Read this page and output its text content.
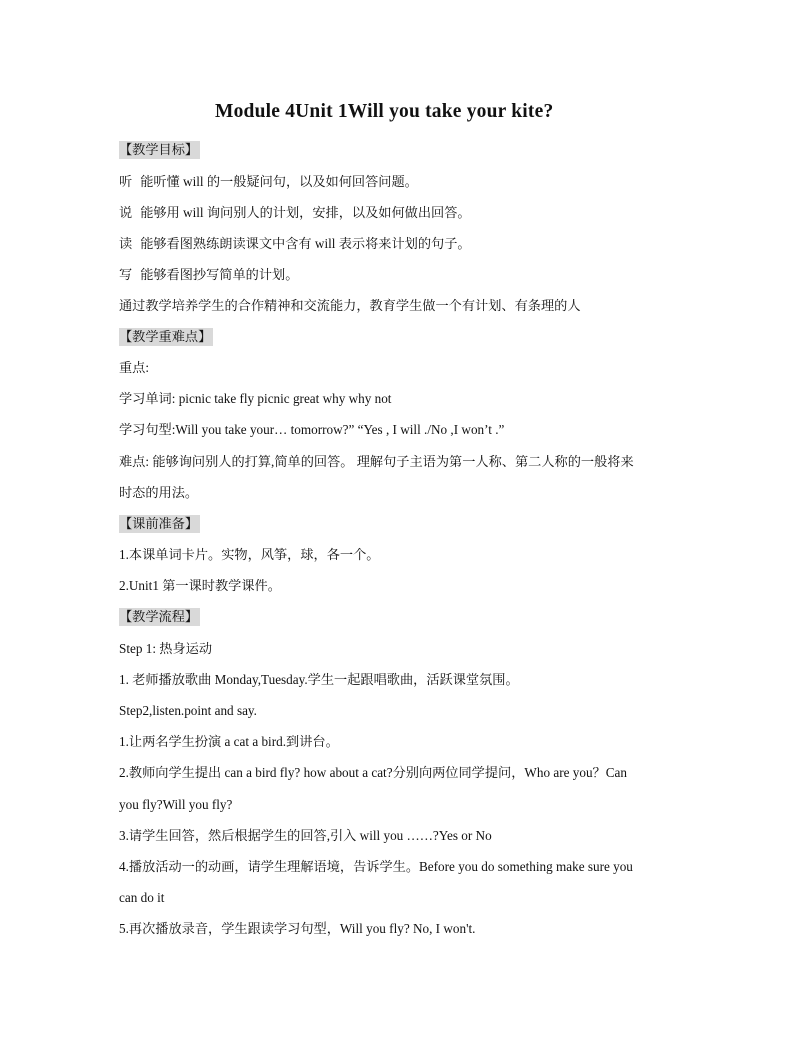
Module 4Unit 1Will you take your kite?
【教学目标】
听 能听懂 will 的一般疑问句，以及如何回答问题。
说 能够用 will 询问别人的计划，安排，以及如何做出回答。
读 能够看图熟练朗读课文中含有 will 表示将来计划的句子。
写 能够看图抄写简单的计划。
通过教学培养学生的合作精神和交流能力，教育学生做一个有计划、有条理的人
【教学重难点】
重点:
学习单词: picnic take fly picnic great why why not
学习句型:Will you take your… tomorrow?” “Yes , I will ./No ,I won’t .”
难点: 能够询问别人的打算,简单的回答。 理解句子主语为第一人称、第二人称的一般将来
时态的用法。
【课前准备】
1.本课单词卡片。实物，风筝，球，各一个。
2.Unit1 第一课时教学课件。
【教学流程】
Step 1: 热身运动
1. 老师播放歌曲 Monday,Tuesday.学生一起跟唱歌曲，活跃课堂氛围。
Step2,listen.point and say.
1.让两名学生扮演 a cat a bird.到讲台。
2.教师向学生提出 can a bird fly? how about a cat?分别向两位同学提问，Who are you？Can
you fly?Will you fly?
3.请学生回答，然后根据学生的回答,引入 will you ……?Yes or No
4.播放活动一的动画，请学生理解语境，告诉学生。Before you do something make sure you
can do it
5.再次播放录音，学生跟读学习句型，Will you fly? No, I won't.
